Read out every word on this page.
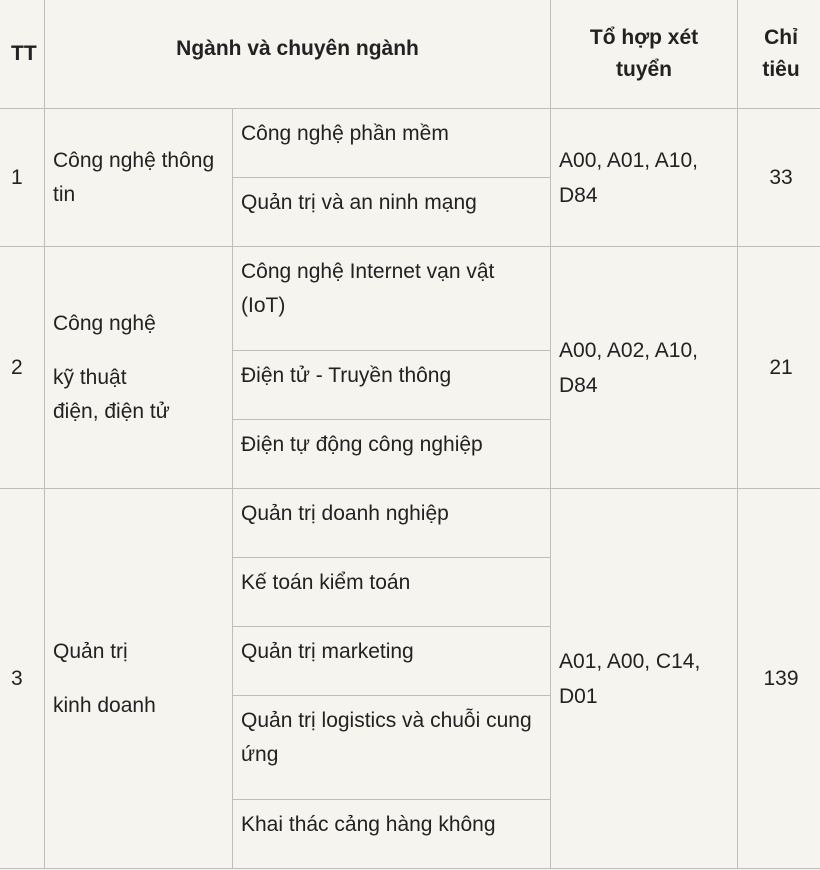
TT	Ngành và chuyên ngành		Tổ hợp xét tuyển	Chỉ tiêu
1	Công nghệ thông tin	Công nghệ phần mềm	A00, A01, A10, D84	33
		Quản trị và an ninh mạng		
2	Công nghệ
kỹ thuật
điện, điện tử	Công nghệ Internet vạn vật (IoT)	A00, A02, A10, D84	21
		Điện tử - Truyền thông		
		Điện tự động công nghiệp		
3	Quản trị
kinh doanh	Quản trị doanh nghiệp	A01, A00, C14, D01	139
		Kế toán kiểm toán		
		Quản trị marketing		
		Quản trị logistics và chuỗi cung ứng		
		Khai thác cảng hàng không		
